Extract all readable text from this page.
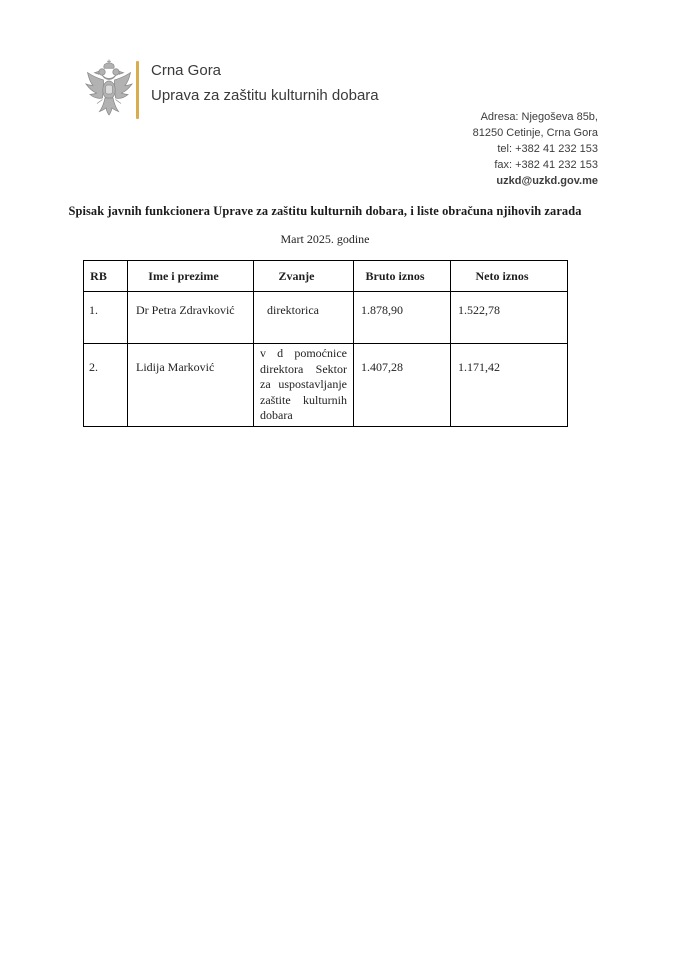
Crna Gora
Uprava za zaštitu kulturnih dobara
Adresa: Njegoševa 85b,
81250 Cetinje, Crna Gora
tel: +382 41 232 153
fax: +382 41 232 153
uzkd@uzkd.gov.me
Spisak javnih funkcionera Uprave za zaštitu kulturnih dobara, i liste obračuna njihovih zarada
Mart 2025. godine
RB	Ime i prezime	Zvanje	Bruto iznos	Neto iznos
1.	Dr Petra Zdravković	direktorica	1.878,90	1.522,78
2.	Lidija Marković	v d pomoćnice direktora Sektor za uspostavljanje zaštite kulturnih dobara	1.407,28	1.171,42
